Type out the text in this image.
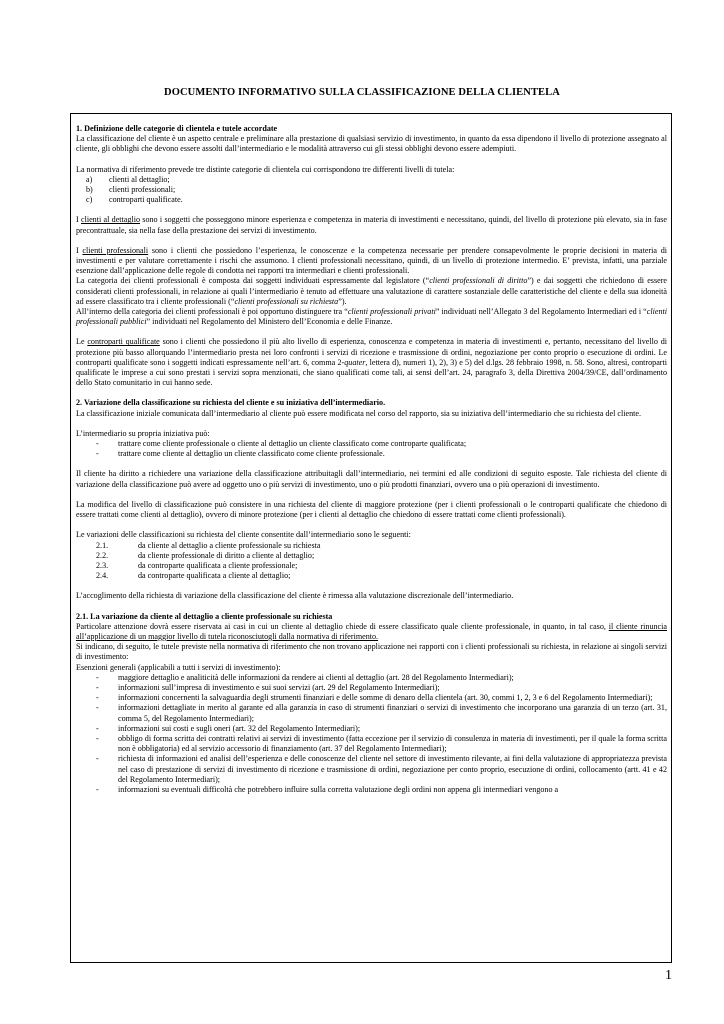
DOCUMENTO INFORMATIVO SULLA CLASSIFICAZIONE DELLA CLIENTELA

1. Definizione delle categorie di clientela e tutele accordate

La classificazione del cliente è un aspetto centrale e preliminare alla prestazione di qualsiasi servizio di investimento, in quanto da essa dipendono il livello di protezione assegnato al cliente, gli obblighi che devono essere assolti dall’intermediario e le modalità attraverso cui gli stessi obblighi devono essere adempiuti.

La normativa di riferimento prevede tre distinte categorie di clientela cui corrispondono tre differenti livelli di tutela:

a)	clienti al dettaglio;
b)	clienti professionali;
c)	controparti qualificate.

I clienti al dettaglio sono i soggetti che posseggono minore esperienza e competenza in materia di investimenti e necessitano, quindi, del livello di protezione più elevato, sia in fase precontrattuale, sia nella fase della prestazione dei servizi di investimento.

I clienti professionali sono i clienti che possiedono l’esperienza, le conoscenze e la competenza necessarie per prendere consapevolmente le proprie decisioni in materia di investimenti e per valutare correttamente i rischi che assumono. I clienti professionali necessitano, quindi, di un livello di protezione intermedio. E’ prevista, infatti, una parziale esenzione dall’applicazione delle regole di condotta nei rapporti tra intermediari e clienti professionali.

La categoria dei clienti professionali è composta dai soggetti individuati espressamente dal legislatore (“clienti professionali di diritto”) e dai soggetti che richiedono di essere considerati clienti professionali, in relazione ai quali l’intermediario è tenuto ad effettuare una valutazione di carattere sostanziale delle caratteristiche del cliente e della sua idoneità ad essere classificato tra i cliente professionali (“clienti professionali su richiesta”).

All’interno della categoria dei clienti professionali è poi opportuno distinguere tra “clienti professionali privati” individuati nell’Allegato 3 del Regolamento Intermediari ed i “clienti professionali pubblici” individuati nel Regolamento del Ministero dell’Economia e delle Finanze.

Le controparti qualificate sono i clienti che possiedono il più alto livello di esperienza, conoscenza e competenza in materia di investimenti e, pertanto, necessitano del livello di protezione più basso allorquando l’intermediario presta nei loro confronti i servizi di ricezione e trasmissione di ordini, negoziazione per conto proprio o esecuzione di ordini. Le controparti qualificate sono i soggetti indicati espressamente nell’art. 6, comma 2-quater, lettera d), numeri 1), 2), 3) e 5) del d.lgs. 28 febbraio 1998, n. 58. Sono, altresì, controparti qualificate le imprese a cui sono prestati i servizi sopra menzionati, che siano qualificati come tali, ai sensi dell’art. 24, paragrafo 3, della Direttiva 2004/39/CE, dall’ordinamento dello Stato comunitario in cui hanno sede.

2. Variazione della classificazione su richiesta del cliente e su iniziativa dell’intermediario.

La classificazione iniziale comunicata dall’intermediario al cliente può essere modificata nel corso del rapporto, sia su iniziativa dell’intermediario che su richiesta del cliente.

L’intermediario su propria iniziativa può:

-	trattare come cliente professionale o cliente al dettaglio un cliente classificato come controparte qualificata;
-	trattare come cliente al dettaglio un cliente classificato come cliente professionale.

Il cliente ha diritto a richiedere una variazione della classificazione attribuitagli dall’intermediario, nei termini ed alle condizioni di seguito esposte. Tale richiesta del cliente di variazione della classificazione può avere ad oggetto uno o più servizi di investimento, uno o più prodotti finanziari, ovvero una o più operazioni di investimento.

La modifica del livello di classificazione può consistere in una richiesta del cliente di maggiore protezione (per i clienti professionali o le controparti qualificate che chiedono di essere trattati come clienti al dettaglio), ovvero di minore protezione (per i clienti al dettaglio che chiedono di essere trattati come clienti professionali).

Le variazioni delle classificazioni su richiesta del cliente consentite dall’intermediario sono le seguenti:

2.1.	da cliente al dettaglio a cliente professionale su richiesta
2.2.	da cliente professionale di diritto a cliente al dettaglio;
2.3.	da controparte qualificata a cliente professionale;
2.4.	da controparte qualificata a cliente al dettaglio;

L’accoglimento della richiesta di variazione della classificazione del cliente è rimessa alla valutazione discrezionale dell’intermediario.

2.1. La variazione da cliente al dettaglio a cliente professionale su richiesta

Particolare attenzione dovrà essere riservata ai casi in cui un cliente al dettaglio chiede di essere classificato quale cliente professionale, in quanto, in tal caso, il cliente rinuncia all’applicazione di un maggior livello di tutela riconosciutogli dalla normativa di riferimento.

Si indicano, di seguito, le tutele previste nella normativa di riferimento che non trovano applicazione nei rapporti con i clienti professionali su richiesta, in relazione ai singoli servizi di investimento:

Esenzioni generali (applicabili a tutti i servizi di investimento):

-	maggiore dettaglio e analiticità delle informazioni da rendere ai clienti al dettaglio (art. 28 del Regolamento Intermediari);
-	informazioni sull’impresa di investimento e sui suoi servizi (art. 29 del Regolamento Intermediari);
-	informazioni concernenti la salvaguardia degli strumenti finanziari e delle somme di denaro della clientela (art. 30, commi 1, 2, 3 e 6 del Regolamento Intermediari);
-	informazioni dettagliate in merito al garante ed alla garanzia in caso di strumenti finanziari o servizi di investimento che incorporano una garanzia di un terzo (art. 31, comma 5, del Regolamento Intermediari);
-	informazioni sui costi e sugli oneri (art. 32 del Regolamento Intermediari);
-	obbligo di forma scritta dei contratti relativi ai servizi di investimento (fatta eccezione per il servizio di consulenza in materia di investimenti, per il quale la forma scritta non è obbligatoria) ed al servizio accessorio di finanziamento (art. 37 del Regolamento Intermediari);
-	richiesta di informazioni ed analisi dell’esperienza e delle conoscenze del cliente nel settore di investimento rilevante, ai fini della valutazione di appropriatezza prevista nel caso di prestazione di servizi di investimento di ricezione e trasmissione di ordini, negoziazione per conto proprio, esecuzione di ordini, collocamento (artt. 41 e 42 del Regolamento Intermediari);
-	informazioni su eventuali difficoltà che potrebbero influire sulla corretta valutazione degli ordini non appena gli intermediari vengono a
1
